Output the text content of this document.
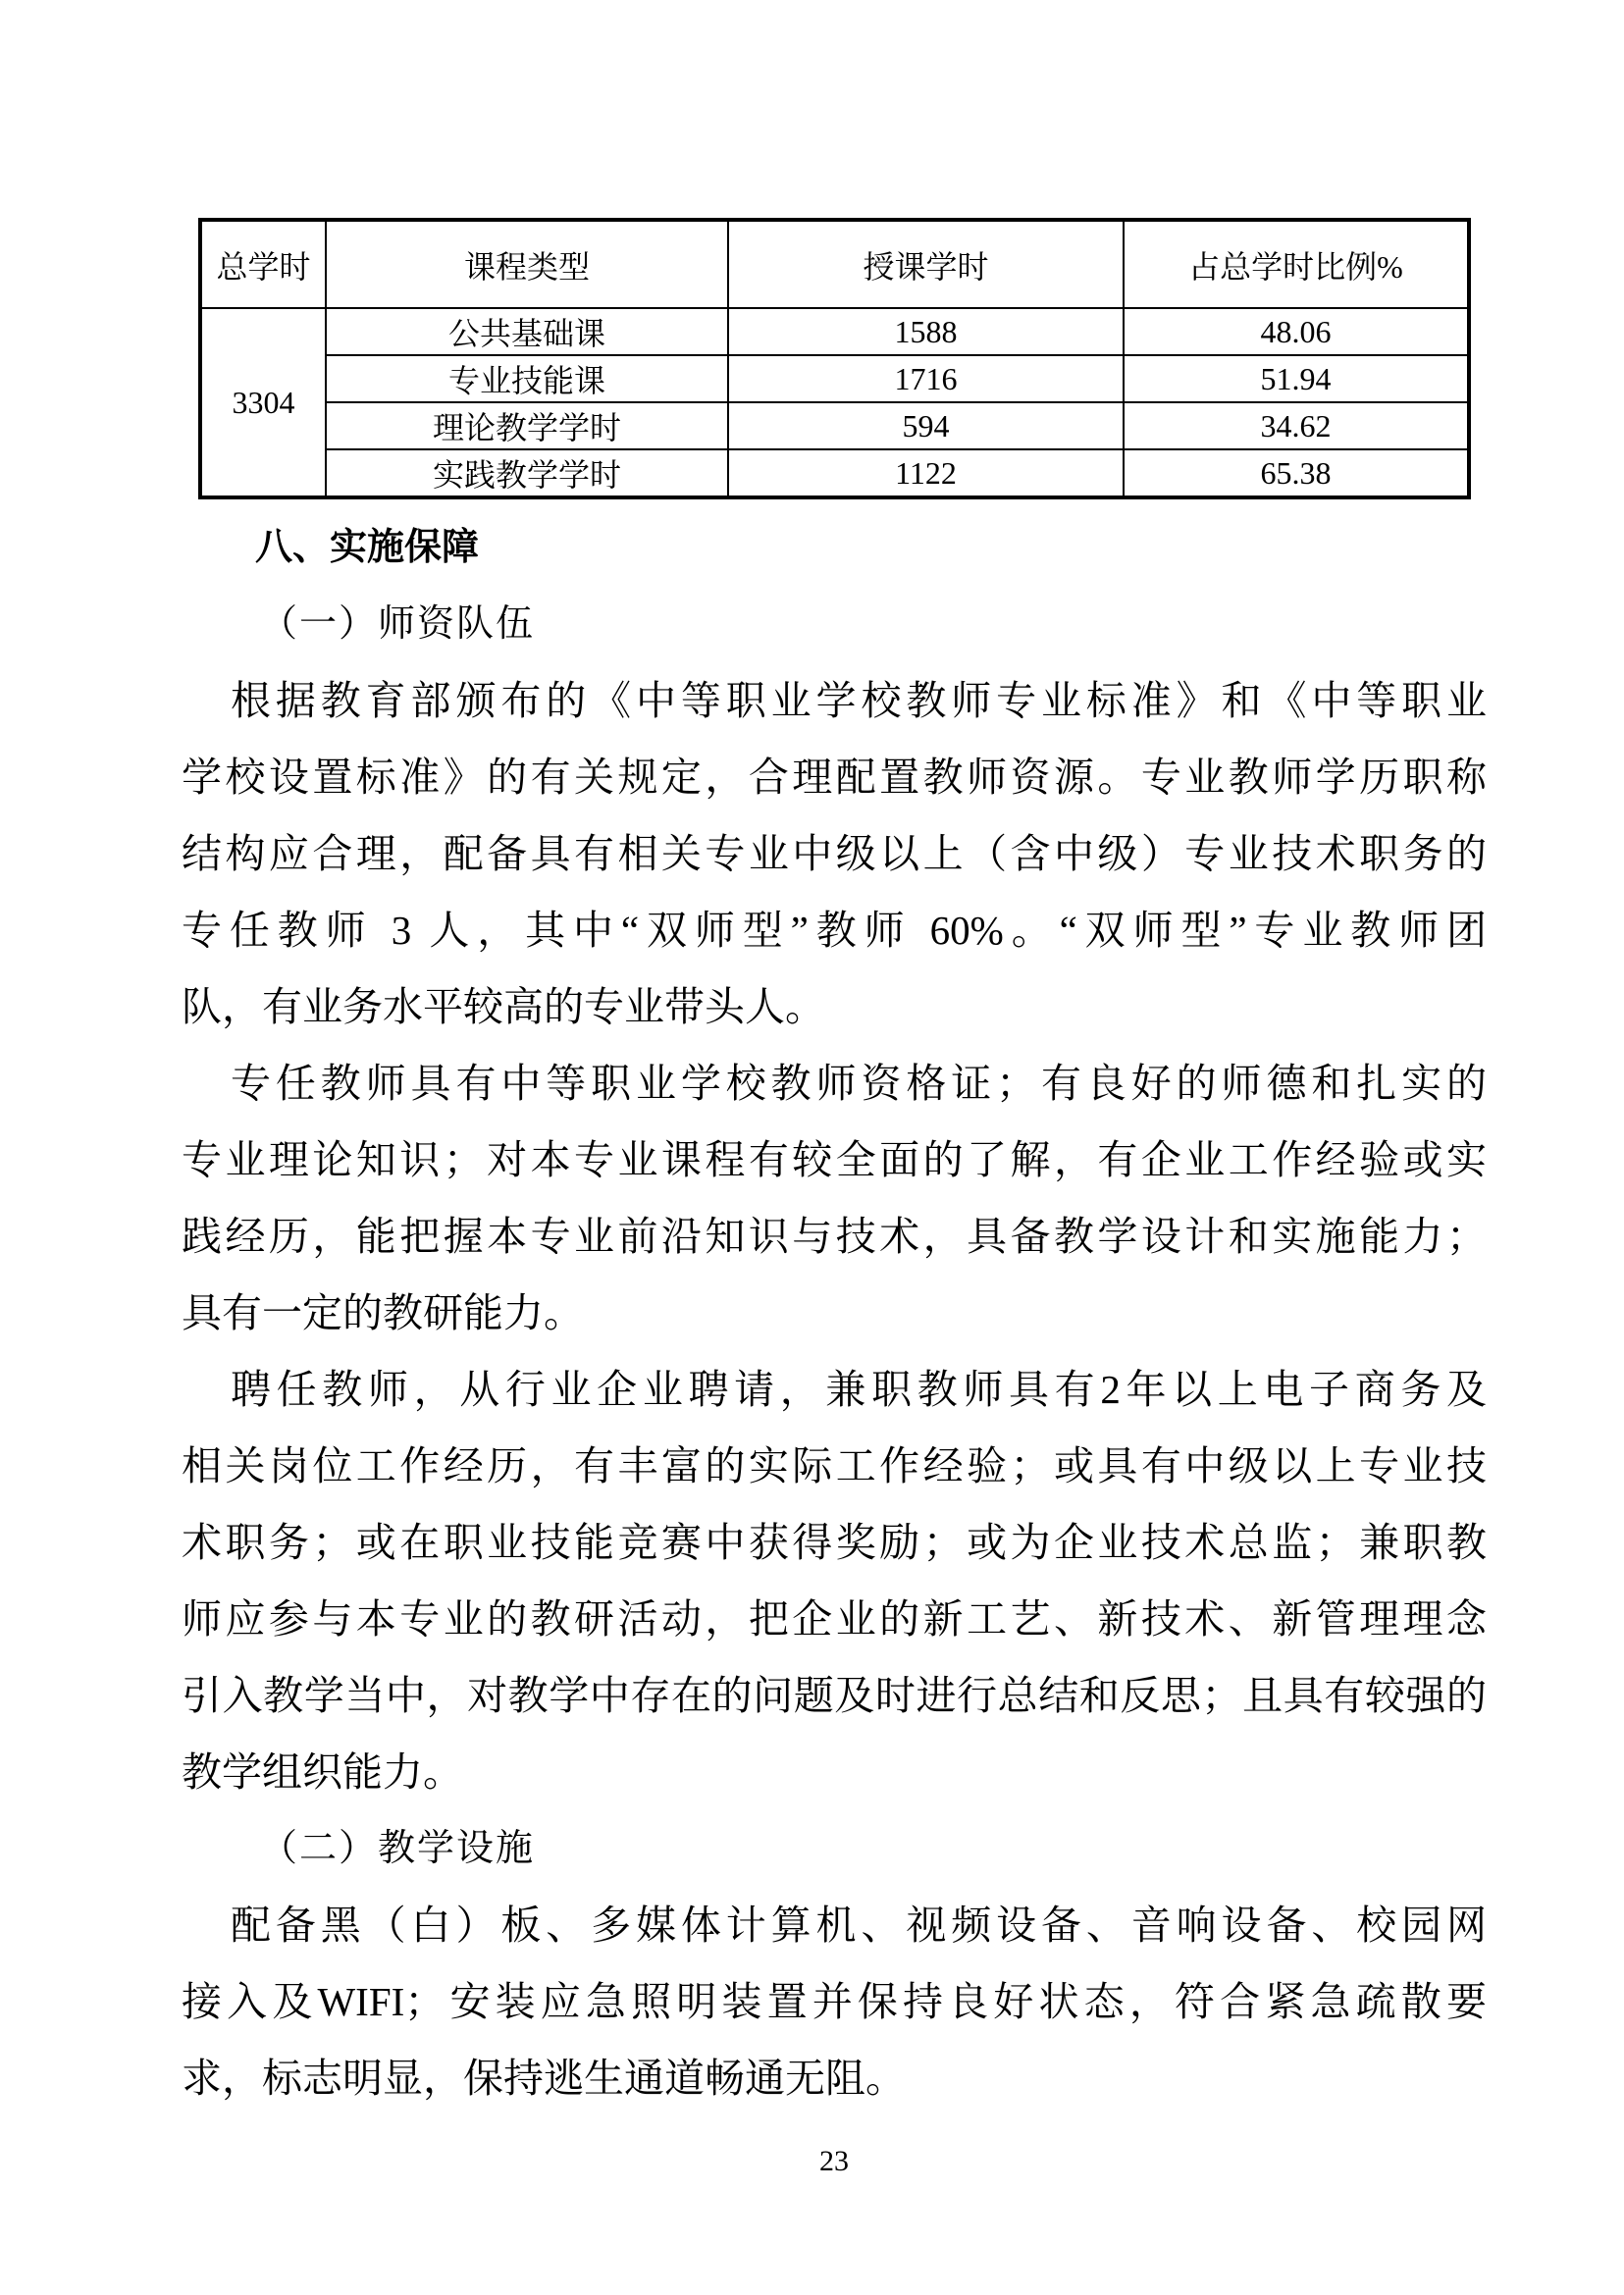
总学时	课程类型	授课学时	占总学时比例%
3304	公共基础课	1588	48.06
	专业技能课	1716	51.94
	理论教学学时	594	34.62
	实践教学学时	1122	65.38
八、实施保障
（一）师资队伍
根据教育部颁布的《中等职业学校教师专业标准》和《中等职业
学校设置标准》的有关规定，合理配置教师资源。专业教师学历职称
结构应合理，配备具有相关专业中级以上（含中级）专业技术职务的
专任教师 3 人，其中“双师型”教师 60%。“双师型”专业教师团
队，有业务水平较高的专业带头人。
专任教师具有中等职业学校教师资格证；有良好的师德和扎实的
专业理论知识；对本专业课程有较全面的了解，有企业工作经验或实
践经历，能把握本专业前沿知识与技术，具备教学设计和实施能力；
具有一定的教研能力。
聘任教师，从行业企业聘请，兼职教师具有2年以上电子商务及
相关岗位工作经历，有丰富的实际工作经验；或具有中级以上专业技
术职务；或在职业技能竞赛中获得奖励；或为企业技术总监；兼职教
师应参与本专业的教研活动，把企业的新工艺、新技术、新管理理念
引入教学当中，对教学中存在的问题及时进行总结和反思；且具有较强的
教学组织能力。
（二）教学设施
配备黑（白）板、多媒体计算机、视频设备、音响设备、校园网
接入及WIFI；安装应急照明装置并保持良好状态，符合紧急疏散要
求，标志明显，保持逃生通道畅通无阻。
23
